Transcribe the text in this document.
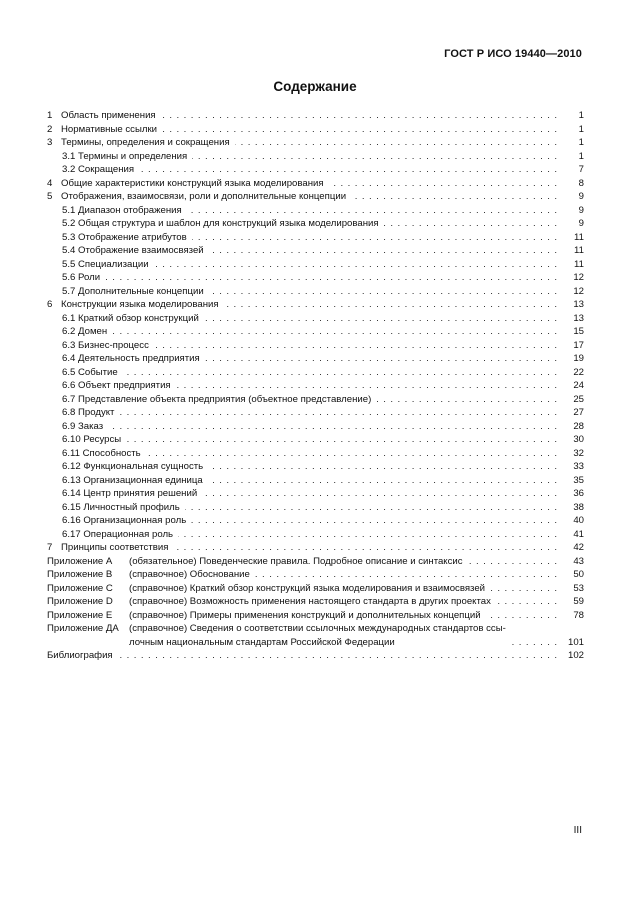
ГОСТ Р ИСО 19440—2010
Содержание
1 Область применения . . .	1
2 Нормативные ссылки . . .	1
3 Термины, определения и сокращения . . .	1
3.1 Термины и определения . . .	1
3.2 Сокращения . . .	7
4 Общие характеристики конструкций языка моделирования . . .	8
5 Отображения, взаимосвязи, роли и дополнительные концепции . . .	9
5.1 Диапазон отображения . . .	9
5.2 Общая структура и шаблон для конструкций языка моделирования . . .	9
5.3 Отображение атрибутов . . .	11
5.4 Отображение взаимосвязей . . .	11
5.5 Специализации . . .	11
5.6 Роли . . .	12
5.7 Дополнительные концепции . . .	12
6 Конструкции языка моделирования . . .	13
6.1 Краткий обзор конструкций . . .	13
6.2 Домен . . .	15
6.3 Бизнес-процесс . . .	17
6.4 Деятельность предприятия . . .	19
6.5 Событие . . .	22
6.6 Объект предприятия . . .	24
6.7 Представление объекта предприятия (объектное представление) . . .	25
6.8 Продукт . . .	27
6.9 Заказ . . .	28
6.10 Ресурсы . . .	30
6.11 Способность . . .	32
6.12 Функциональная сущность . . .	33
6.13 Организационная единица . . .	35
6.14 Центр принятия решений . . .	36
6.15 Личностный профиль . . .	38
6.16 Организационная роль . . .	40
6.17 Операционная роль . . .	41
7 Принципы соответствия . . .	42
Приложение А	(обязательное) Поведенческие правила. Подробное описание и синтаксис . . .	43
Приложение В	(справочное) Обоснование . . .	50
Приложение С	(справочное) Краткий обзор конструкций языка моделирования и взаимосвязей . . .	53
Приложение D	(справочное) Возможность применения настоящего стандарта в других проектах . . .	59
Приложение Е	(справочное) Примеры применения конструкций и дополнительных концепций . . .	78
Приложение ДА	(справочное) Сведения о соответствии ссылочных международных стандартов ссы-
лочным национальным стандартам Российской Федерации . . .	101
Библиография . . .	102
III
